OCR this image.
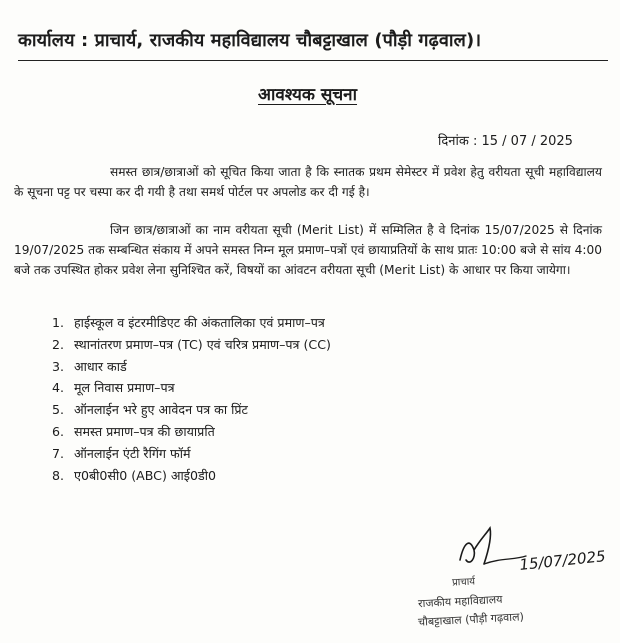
कार्यालय : प्राचार्य, राजकीय महाविद्यालय चौबट्टाखाल (पौड़ी गढ़वाल)।
आवश्यक सूचना
दिनांक : 15 / 07 / 2025
समस्त छात्र/छात्राओं को सूचित किया जाता है कि स्नातक प्रथम सेमेस्टर में प्रवेश हेतु वरीयता सूची महाविद्यालय के सूचना पट्ट पर चस्पा कर दी गयी है तथा समर्थ पोर्टल पर अपलोड कर दी गई है।
जिन छात्र/छात्राओं का नाम वरीयता सूची (Merit List) में सम्मिलित है वे दिनांक 15/07/2025 से दिनांक 19/07/2025 तक सम्बन्धित संकाय में अपने समस्त निम्न मूल प्रमाण–पत्रों एवं छायाप्रतियों के साथ प्रातः 10:00 बजे से सांय 4:00 बजे तक उपस्थित होकर प्रवेश लेना सुनिश्चित करें, विषयों का आंवटन वरीयता सूची (Merit List) के आधार पर किया जायेगा।
1. हाईस्कूल व इंटरमीडिएट की अंकतालिका एवं प्रमाण–पत्र
2. स्थानांतरण प्रमाण–पत्र (TC) एवं चरित्र प्रमाण–पत्र (CC)
3. आधार कार्ड
4. मूल निवास प्रमाण–पत्र
5. ऑनलाईन भरे हुए आवेदन पत्र का प्रिंट
6. समस्त प्रमाण–पत्र की छायाप्रति
7. ऑनलाईन एंटी रैगिंग फॉर्म
8. ए0बी0सी0 (ABC) आई0डी0
15/07/2025
प्राचार्य
राजकीय महाविद्यालय
चौबट्टाखाल (पौड़ी गढ़वाल)
